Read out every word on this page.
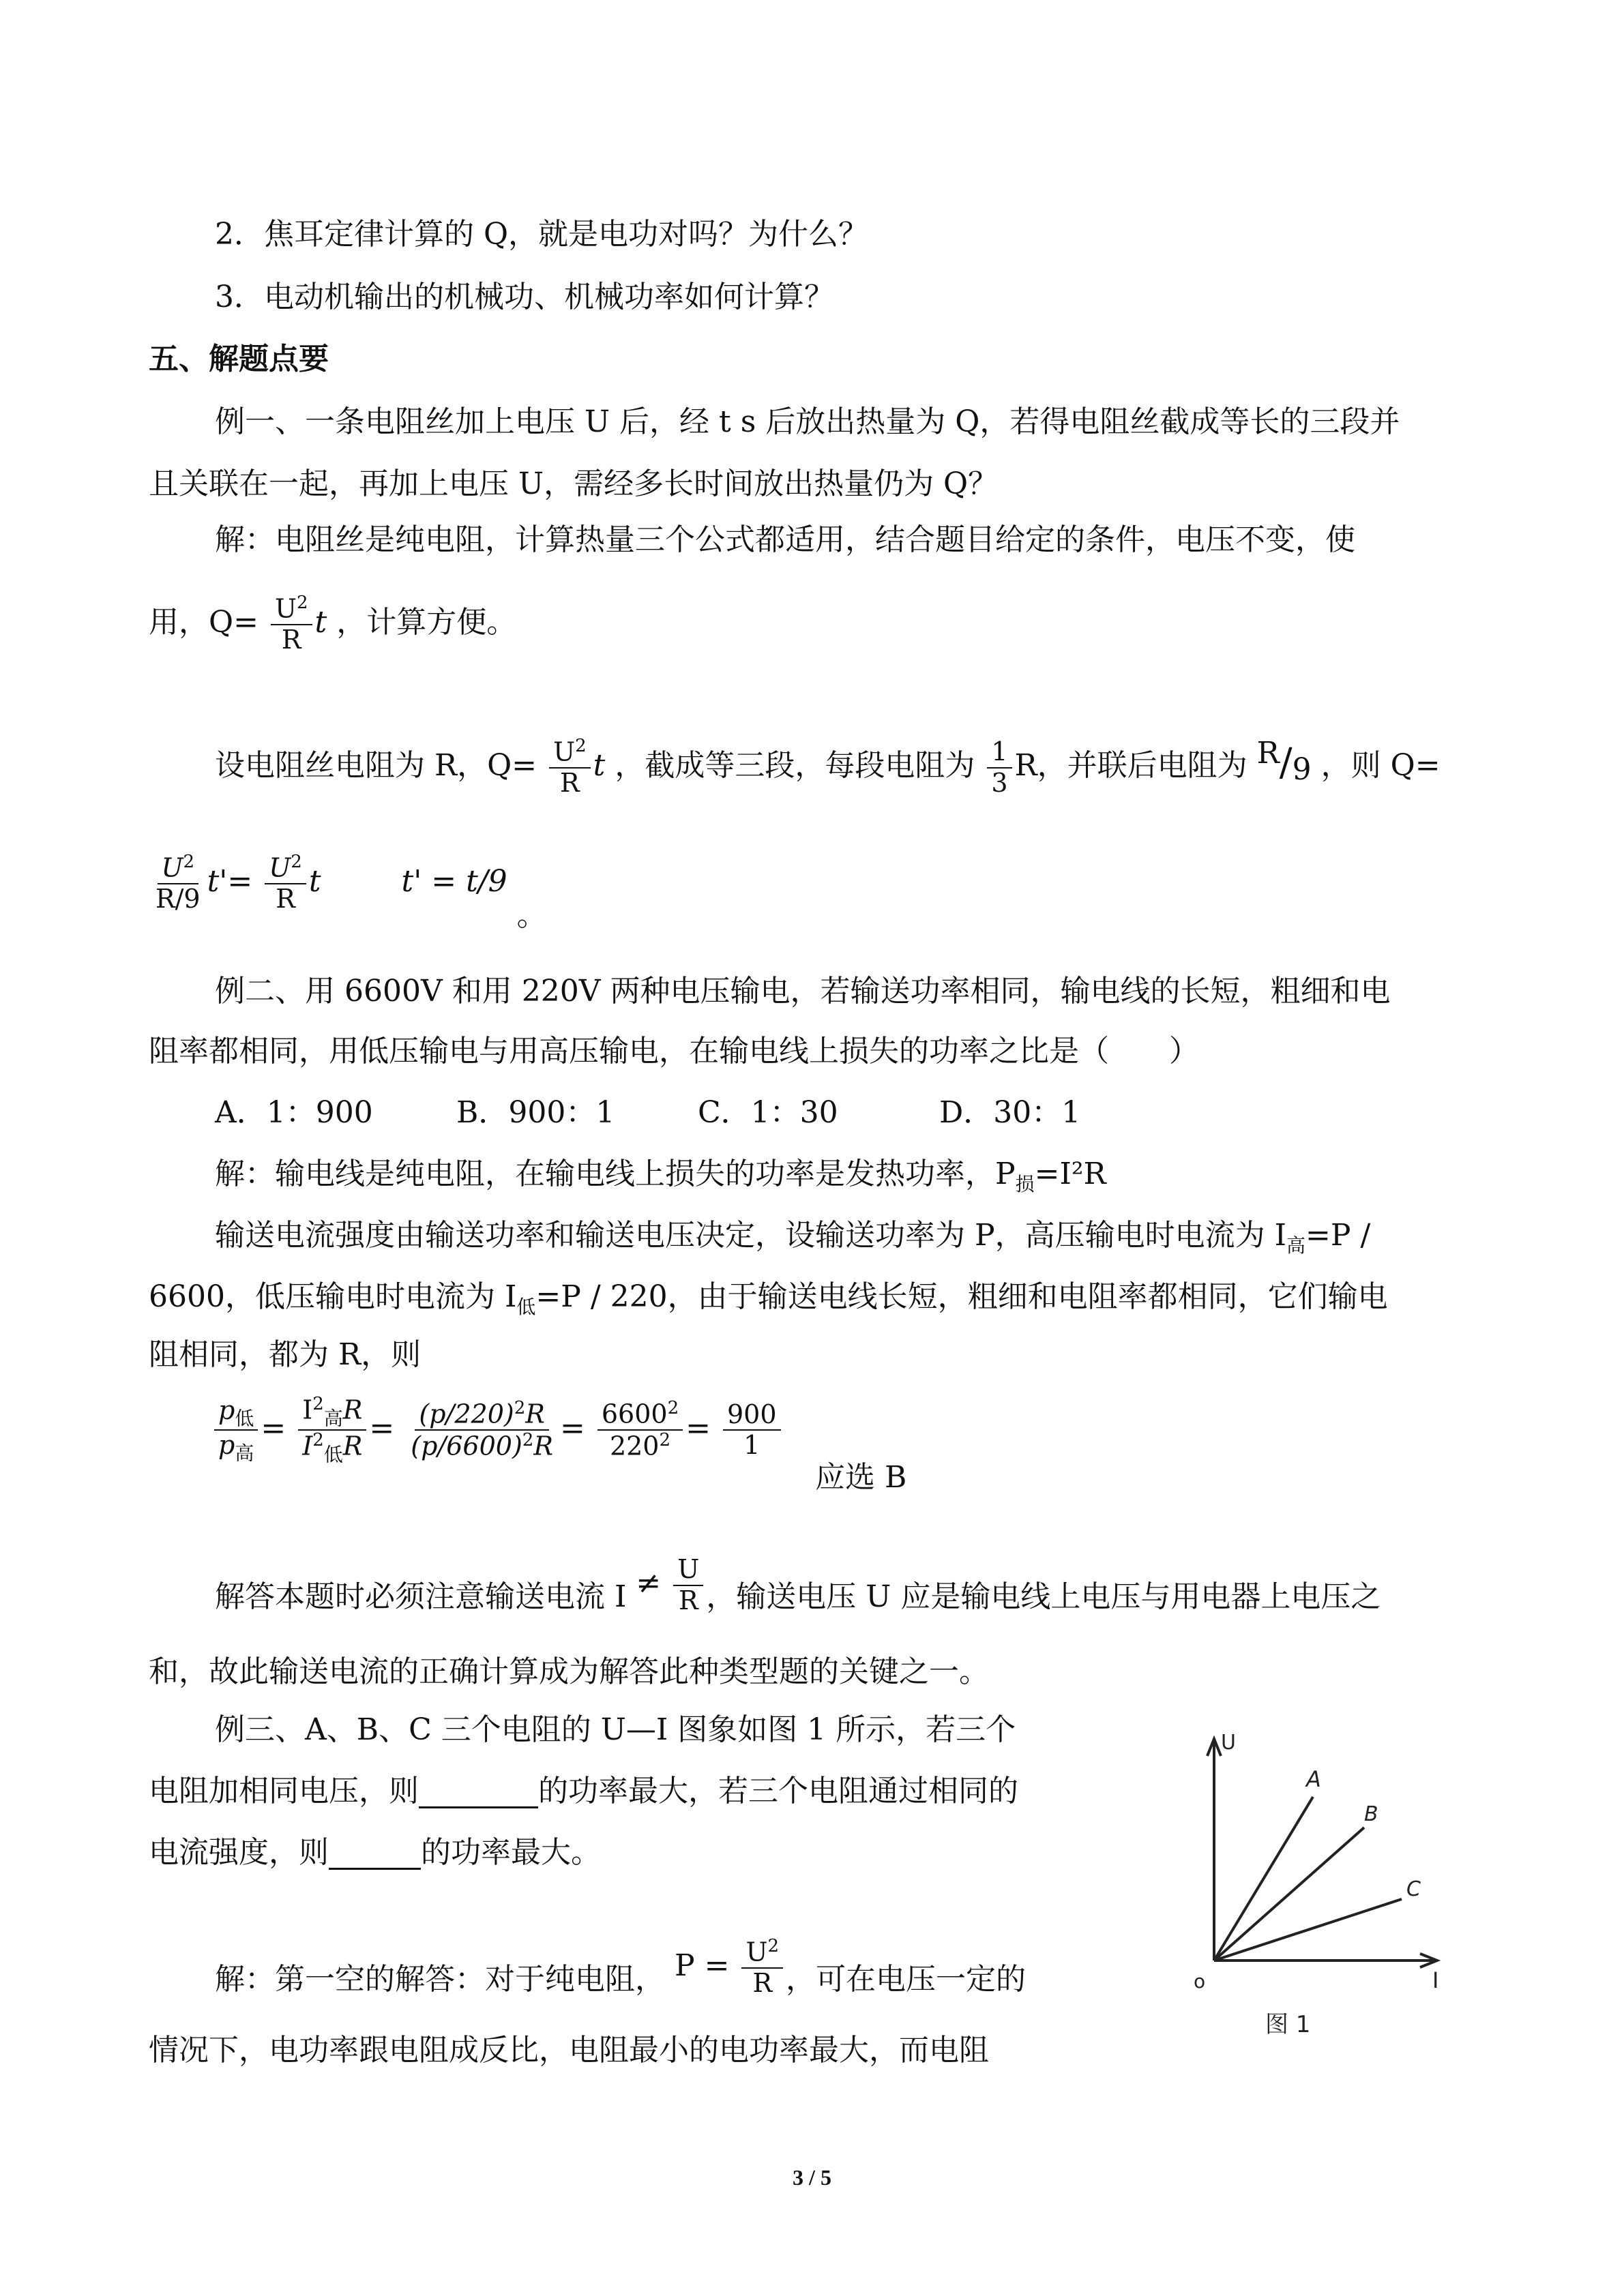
2．焦耳定律计算的 Q，就是电功对吗？为什么？
3．电动机输出的机械功、机械功率如何计算？
五、解题点要
例一、一条电阻丝加上电压 U 后，经 t s 后放出热量为 Q，若得电阻丝截成等长的三段并
且关联在一起，再加上电压 U，需经多长时间放出热量仍为 Q？
解：电阻丝是纯电阻，计算热量三个公式都适用，结合题目给定的条件，电压不变，使
用，$Q= \frac{U^2}{R}$ t ，计算方便。
设电阻丝电阻为 R，$Q= \frac{U^2}{R}$ t ，截成等三段，每段电阻为 $\frac{1}{3}$ R，并联后电阻为 R/9 ，则 Q=
$\frac{U^2}{R/9} t'= \frac{U^2}{R}$ t	t' = t/9 。
例二、用 6600V 和用 220V 两种电压输电，若输送功率相同，输电线的长短，粗细和电
阻率都相同，用低压输电与用高压输电，在输电线上损失的功率之比是（　　）
A．1：900	B．900：1	C．1：30	D．30：1
解：输电线是纯电阻，在输电线上损失的功率是发热功率，$P_损=I^2R$
输送电流强度由输送功率和输送电压决定，设输送功率为 P，高压输电时电流为 $I_高=P$ /
6600，低压输电时电流为 $I_低=P / 220$，由于输送电线长短，粗细和电阻率都相同，它们输电
阻相同，都为 R，则
$\frac{p_低}{p_高} = \frac{I^2_高R}{I^2_低R} = \frac{(p/220)^2R}{(p/6600)^2R} = \frac{6600^2}{220^2} = \frac{900}{1}$
应选 B
解答本题时必须注意输送电流 $I \ne \frac{U}{R}$ ，输送电压 U 应是输电线上电压与用电器上电压之
和，故此输送电流的正确计算成为解答此种类型题的关键之一。
例三、A、B、C 三个电阻的 U—I 图象如图 1 所示，若三个
电阻加相同电压，则	的功率最大，若三个电阻通过相同的
电流强度，则	的功率最大。
解：第一空的解答：对于纯电阻， $P = \frac{U^2}{R}$ ，可在电压一定的
情况下，电功率跟电阻成反比，电阻最小的电功率最大，而电阻
U
I
o
A
B
C
图 1
3 / 5
